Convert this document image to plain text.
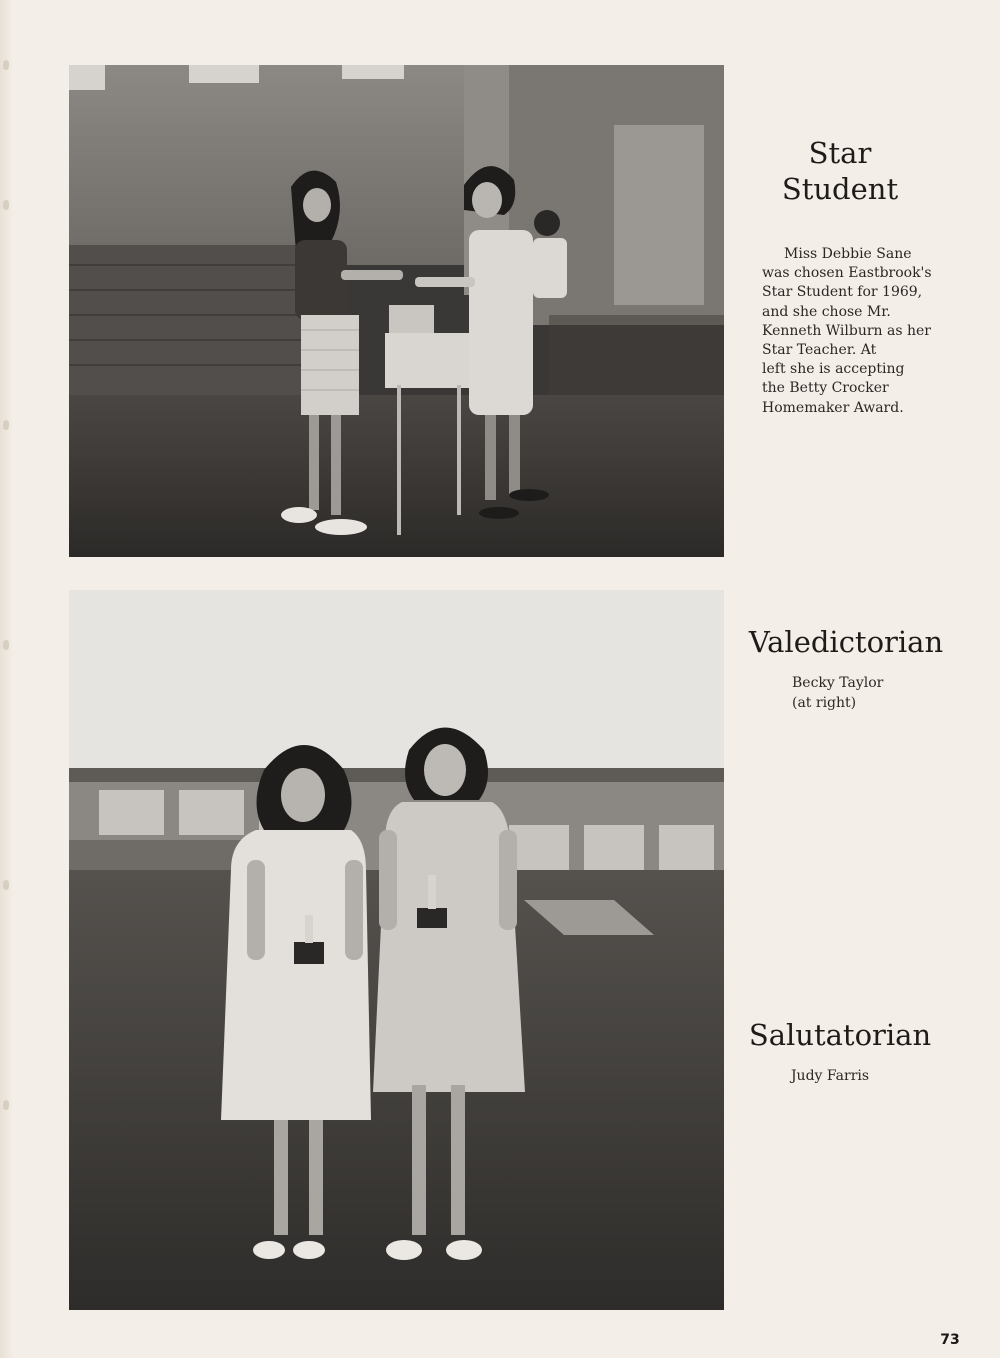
Star
Student
Miss Debbie Sane
was chosen Eastbrook's
Star Student for 1969,
and she chose Mr.
Kenneth Wilburn as her
Star Teacher. At
left she is accepting
the Betty Crocker
Homemaker Award.
Valedictorian
Becky Taylor
(at right)
Salutatorian
Judy Farris
73
